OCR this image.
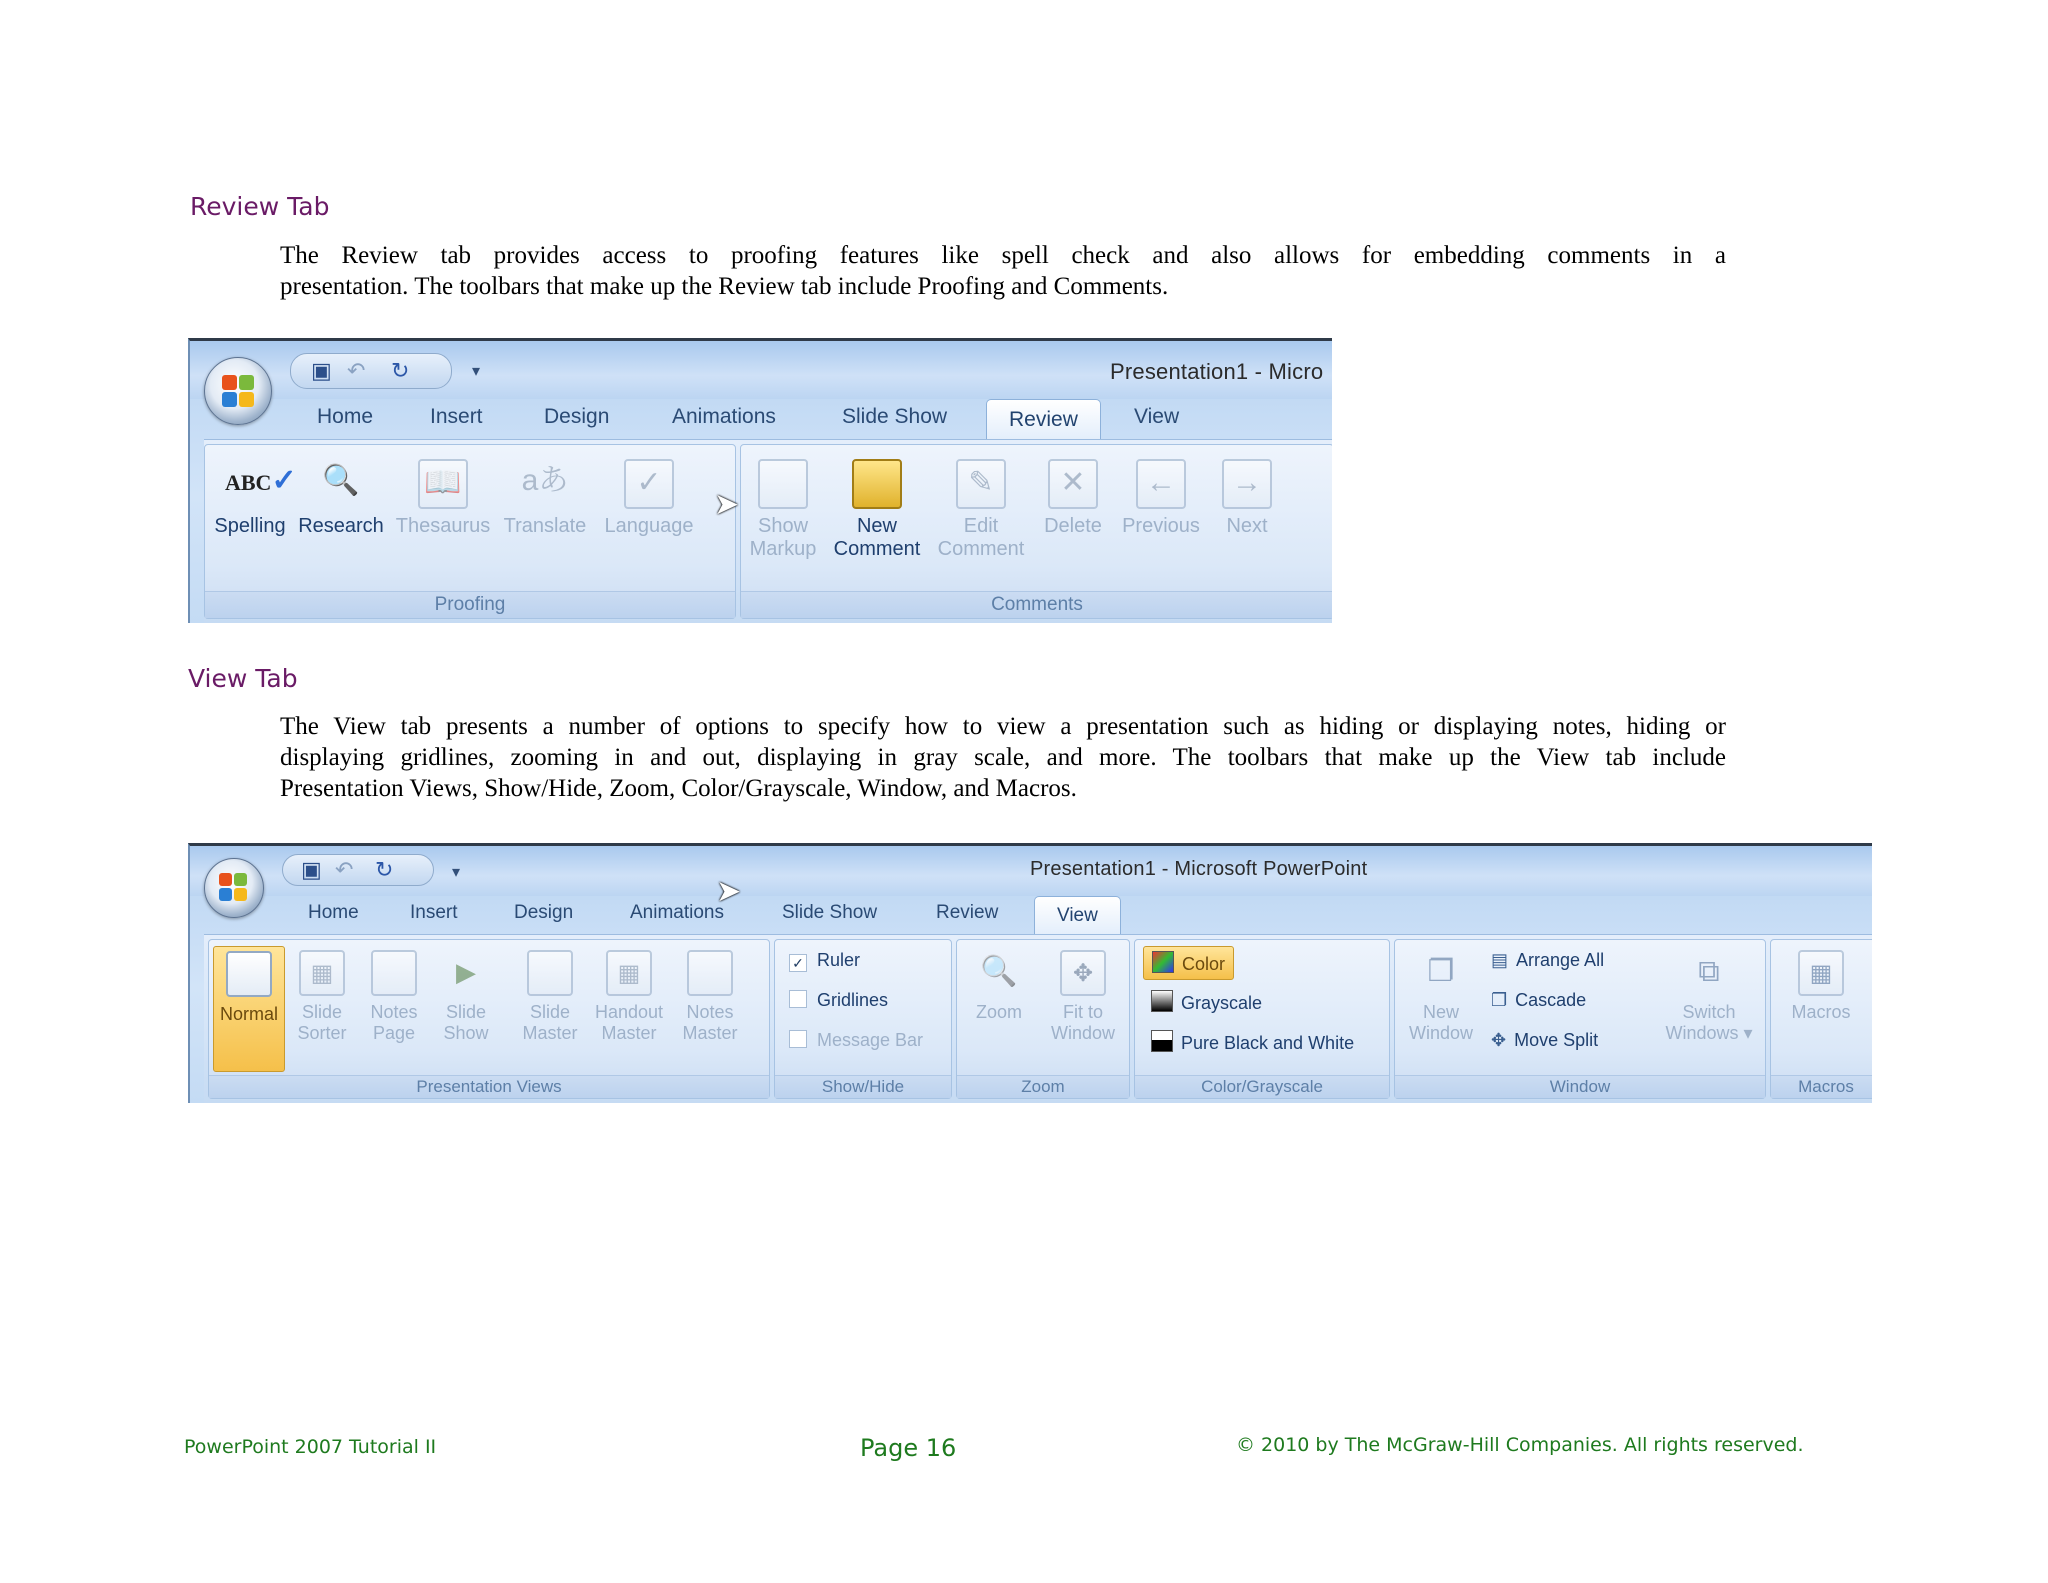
Review Tab
The Review tab provides access to proofing features like spell check and also allows for embedding comments in a
presentation. The toolbars that make up the Review tab include Proofing and Comments.
▣ ↶ ↻	▾	Presentation1 - Micro
Home	Insert	Design	Animations	Slide Show	Review	View
ABC✓
Spelling
🔍
Research
📖
Thesaurus
aあ
Translate
✓
Language
Proofing
Show
Markup
New
Comment
✎
Edit
Comment
✕
Delete
←
Previous
→
Next
Comments
➤
View Tab
The View tab presents a number of options to specify how to view a presentation such as hiding or displaying notes, hiding or
displaying gridlines, zooming in and out, displaying in gray scale, and more. The toolbars that make up the View tab include
Presentation Views, Show/Hide, Zoom, Color/Grayscale, Window, and Macros.
▣ ↶ ↻	▾	Presentation1 - Microsoft PowerPoint
Home	Insert	Design	Animations	Slide Show	Review	View
Normal
▦
Slide
Sorter
Notes
Page
▶
Slide
Show
Slide
Master
▦
Handout
Master
Notes
Master
Presentation Views
✓ Ruler
Gridlines
Message Bar
Show/Hide
🔍
Zoom
✥
Fit to
Window
Zoom
Color
Grayscale
Pure Black and White
Color/Grayscale
❐
New
Window
▤ Arrange All
❐ Cascade
✥ Move Split
⧉
Switch
Windows ▾
Window
▦
Macros
Macros
➤
PowerPoint 2007 Tutorial II	Page 16	© 2010 by The McGraw-Hill Companies. All rights reserved.
